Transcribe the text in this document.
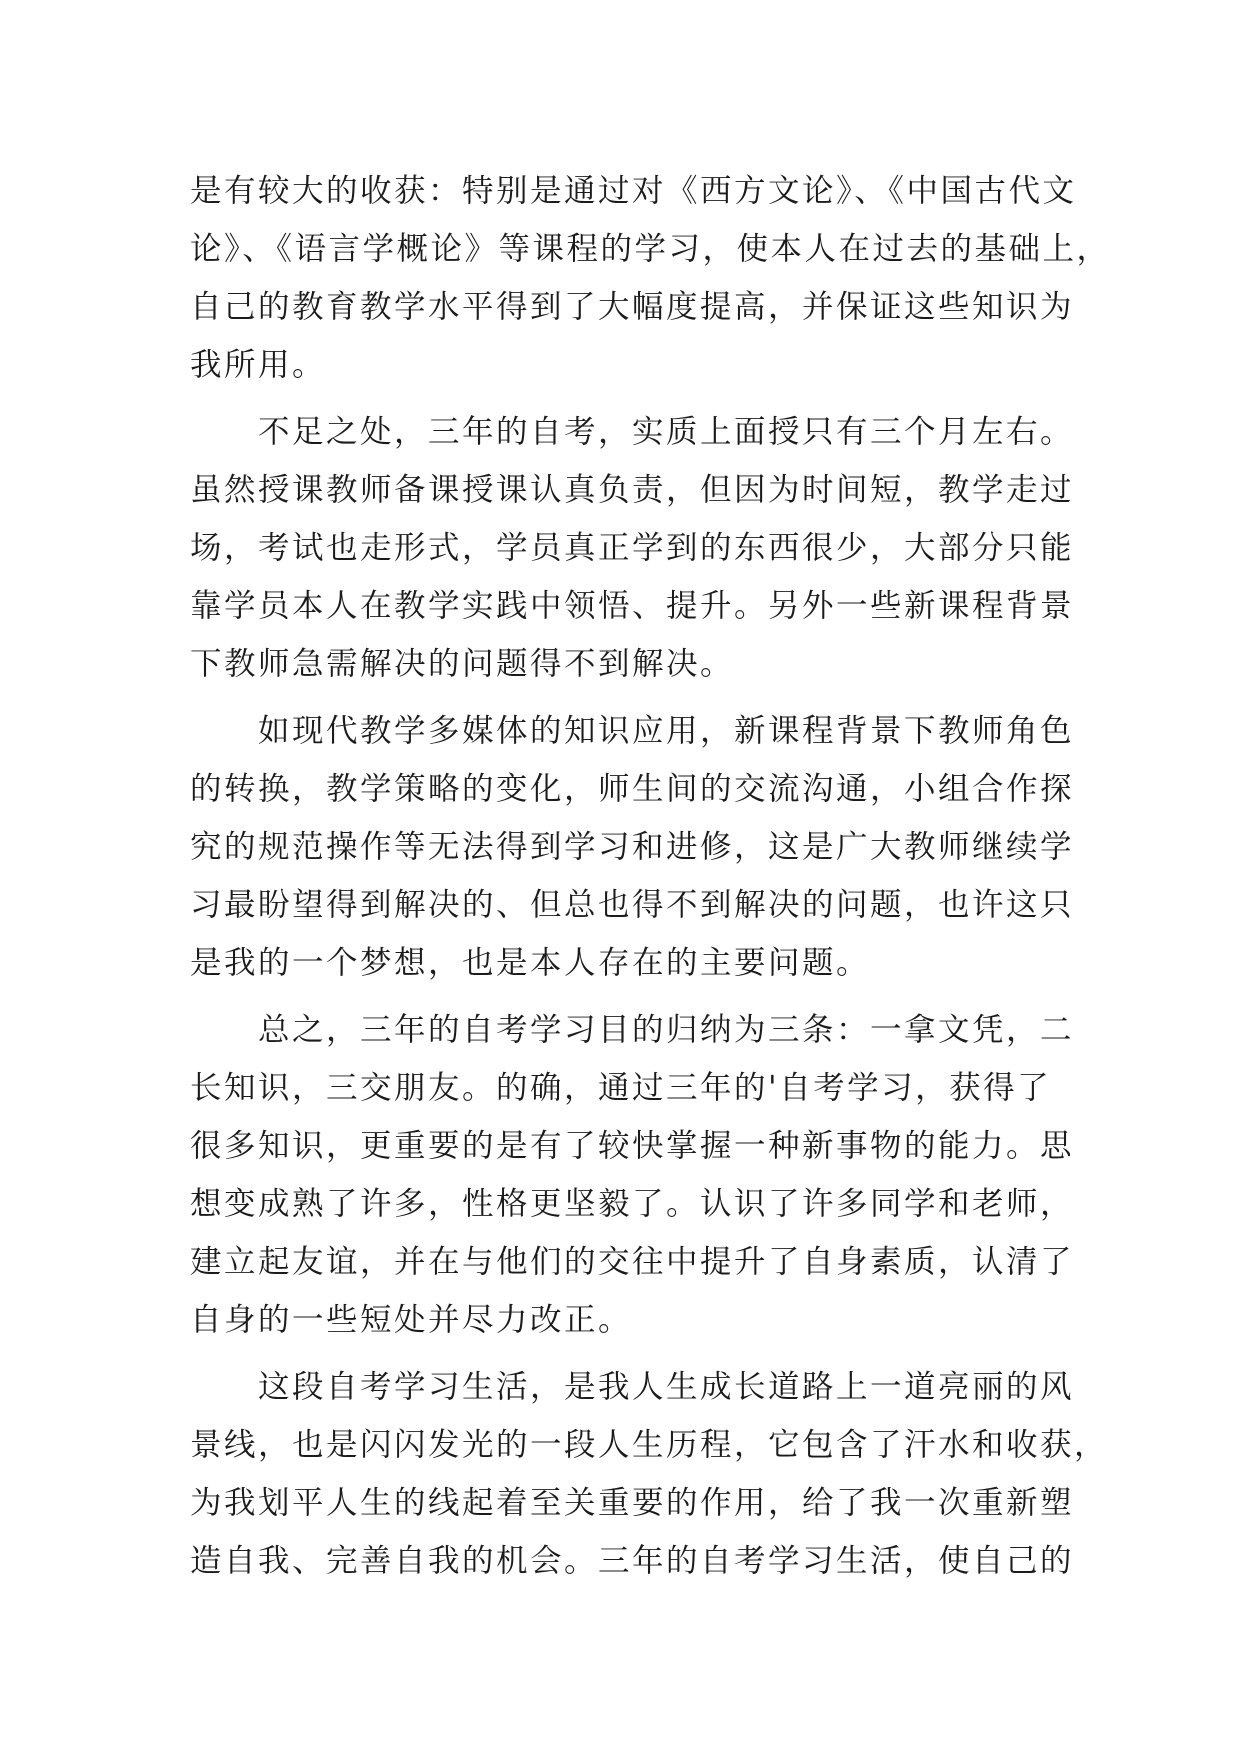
是有较大的收获：特别是通过对《西方文论》、《中国古代文
论》、《语言学概论》等课程的学习，使本人在过去的基础上，
自己的教育教学水平得到了大幅度提高，并保证这些知识为
我所用。
不足之处，三年的自考，实质上面授只有三个月左右。
虽然授课教师备课授课认真负责，但因为时间短，教学走过
场，考试也走形式，学员真正学到的东西很少，大部分只能
靠学员本人在教学实践中领悟、提升。另外一些新课程背景
下教师急需解决的问题得不到解决。
如现代教学多媒体的知识应用，新课程背景下教师角色
的转换，教学策略的变化，师生间的交流沟通，小组合作探
究的规范操作等无法得到学习和进修，这是广大教师继续学
习最盼望得到解决的、但总也得不到解决的问题，也许这只
是我的一个梦想，也是本人存在的主要问题。
总之，三年的自考学习目的归纳为三条：一拿文凭，二
长知识，三交朋友。的确，通过三年的'自考学习，获得了
很多知识，更重要的是有了较快掌握一种新事物的能力。思
想变成熟了许多，性格更坚毅了。认识了许多同学和老师，
建立起友谊，并在与他们的交往中提升了自身素质，认清了
自身的一些短处并尽力改正。
这段自考学习生活，是我人生成长道路上一道亮丽的风
景线，也是闪闪发光的一段人生历程，它包含了汗水和收获，
为我划平人生的线起着至关重要的作用，给了我一次重新塑
造自我、完善自我的机会。三年的自考学习生活，使自己的
